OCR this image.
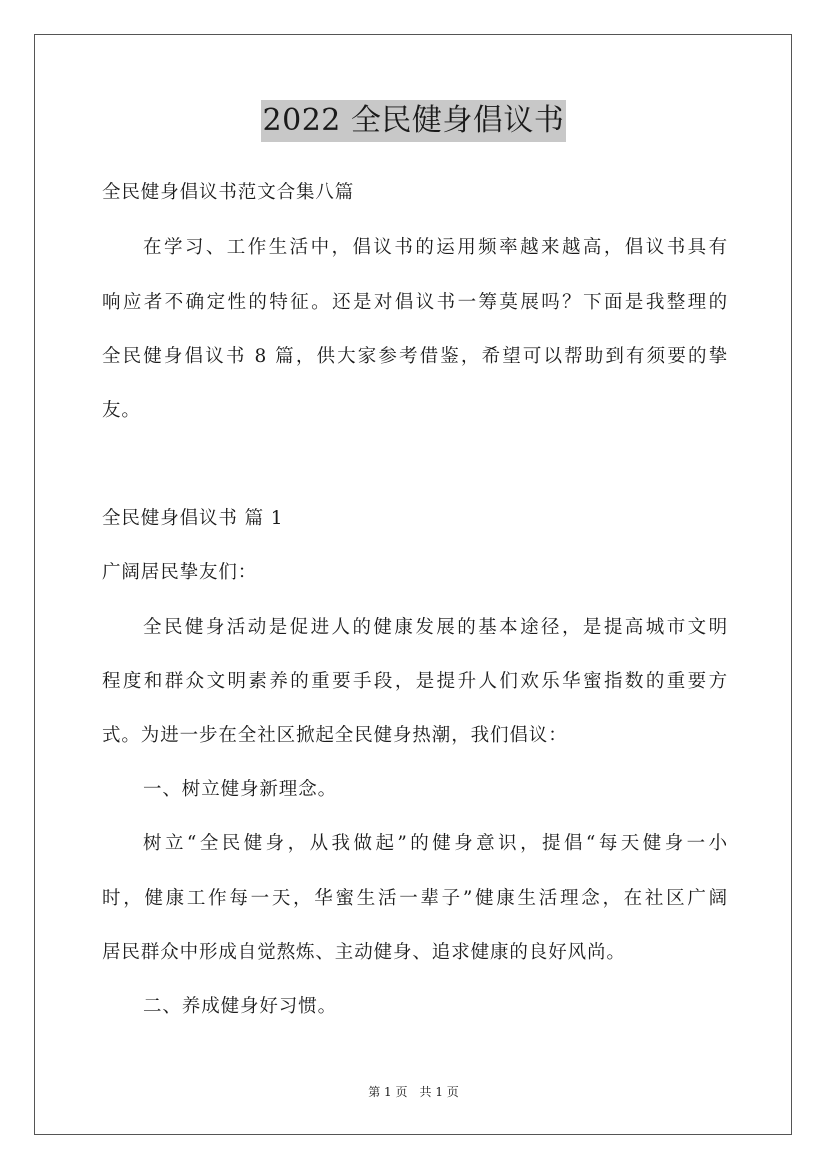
2022 全民健身倡议书
全民健身倡议书范文合集八篇
在学习、工作生活中，倡议书的运用频率越来越高，倡议书具有
响应者不确定性的特征。还是对倡议书一筹莫展吗？下面是我整理的
全民健身倡议书 8 篇，供大家参考借鉴，希望可以帮助到有须要的挚
友。
全民健身倡议书 篇 1
广阔居民挚友们：
全民健身活动是促进人的健康发展的基本途径，是提高城市文明
程度和群众文明素养的重要手段，是提升人们欢乐华蜜指数的重要方
式。为进一步在全社区掀起全民健身热潮，我们倡议：
一、树立健身新理念。
树立“全民健身，从我做起”的健身意识，提倡“每天健身一小
时，健康工作每一天，华蜜生活一辈子”健康生活理念，在社区广阔
居民群众中形成自觉熬炼、主动健身、追求健康的良好风尚。
二、养成健身好习惯。
第 1 页　共 1 页
